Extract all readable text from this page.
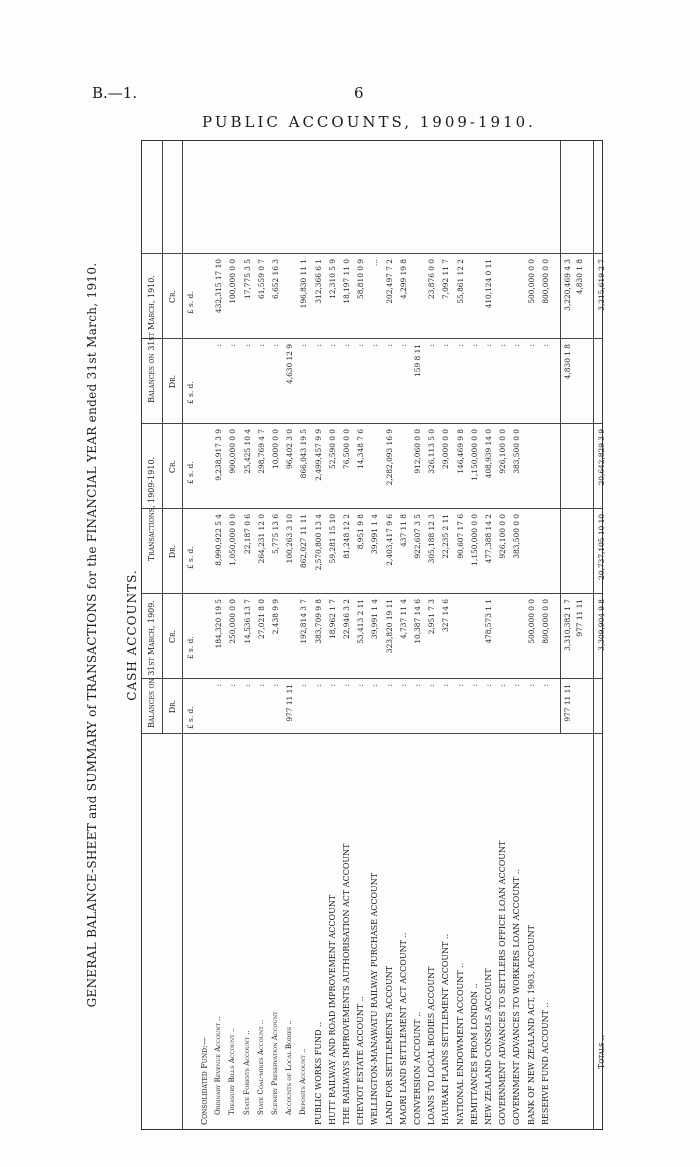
B.—1.	6
PUBLIC ACCOUNTS, 1909-1910.
GENERAL BALANCE-SHEET and SUMMARY of TRANSACTIONS for the FINANCIAL YEAR ended 31st March, 1910. CASH ACCOUNTS. Balances on 31st March, 1909.
Transactions, 1909-1910.
Balances on 31st March, 1910.
Dr.
Cr.
Dr.
Cr.
Dr.
Cr.
£ s. d.
£ s. d.
£ s. d.
£ s. d.
£ s. d.
£ s. d.
Consolidated Fund:— Ordinary Revenue Account ..
:
184,320 19 5
8,990,922 5 4
9,238,917 3 9
:
432,315 17 10
Treasury Bills Account ..
:
250,000 0 0
1,050,000 0 0
900,000 0 0
:
100,000 0 0
State Forests Account ..
:
14,536 13 7
22,187 0 6
25,425 10 4
:
17,775 3 5
State Coal-mines Account ..
:
27,021 8 0
264,231 12 0
298,769 4 7
:
61,559 0 7
Scenery Preservation Account
:
2,438 9 9
5,775 13 6
10,000 0 0
:
6,652 16 3
Accounts of Local Bodies ..
977 11 11
100,263 3 10
96,402 3 0
4,630 12 9
Deposits Account ..
:
192,814 3 7
862,027 11 11
866,043 19 5
:
196,830 11 1
PUBLIC WORKS FUND ..
:
383,709 9 8
2,570,800 13 4
2,499,457 9 9
:
312,366 6 1
HUTT RAILWAY AND ROAD IMPROVEMENT ACCOUNT
:
18,962 1 7
59,281 15 10
52,590 0 0
:
12,310 5 9
THE RAILWAYS IMPROVEMENTS AUTHORISATION ACT ACCOUNT
:
22,946 3 2
81,248 12 2
76,500 0 0
:
18,197 11 0
CHEVIOT ESTATE ACCOUNT ..
:
53,413 2 11
8,951 9 8
14,348 7 6
:
58,810 0 9
WELLINGTON-MANAWATU RAILWAY PURCHASE ACCOUNT
:
39,991 1 4
39,991 1 4
:
...
LAND FOR SETTLEMENTS ACCOUNT
:
323,820 19 11
2,403,417 9 6
2,282,093 16 9
:
202,497 7 2
MAORI LAND SETTLEMENT ACT ACCOUNT ..
:
4,737 11 4
437 11 8
:
4,299 19 8
CONVERSION ACCOUNT ..
:
10,387 14 6
922,607 3 5
912,060 0 0
159 8 11
LOANS TO LOCAL BODIES ACCOUNT
:
2,951 7 3
305,188 12 3
326,113 5 0
:
23,876 0 0
HAURAKI PLAINS SETTLEMENT ACCOUNT ..
:
327 14 6
22,235 2 11
29,000 0 0
:
7,092 11 7
NATIONAL ENDOWMENT ACCOUNT ..
:
90,607 17 6
146,469 9 8
:
55,861 12 2
REMITTANCES FROM LONDON ..
:
1,150,000 0 0
1,150,000 0 0
:
NEW ZEALAND CONSOLS ACCOUNT
:
478,573 1 1
477,388 14 2
408,939 14 0
:
410,124 0 11
GOVERNMENT ADVANCES TO SETTLERS OFFICE LOAN ACCOUNT
:
926,100 0 0
926,100 0 0
:
GOVERNMENT ADVANCES TO WORKERS LOAN ACCOUNT ..
:
383,500 0 0
383,500 0 0
:
BANK OF NEW ZEALAND ACT, 1903, ACCOUNT
:
500,000 0 0
:
500,000 0 0
RESERVE FUND ACCOUNT ..
:
800,000 0 0
:
800,000 0 0
977 11 11
3,310,382 1 7
4,830 1 8
3,220,469 4 3
977 11 11
4,830 1 8
Totals ..
3,309,904 9 8
20,737,105 10 10
20,642,829 3 9
3,215,619 2 7
